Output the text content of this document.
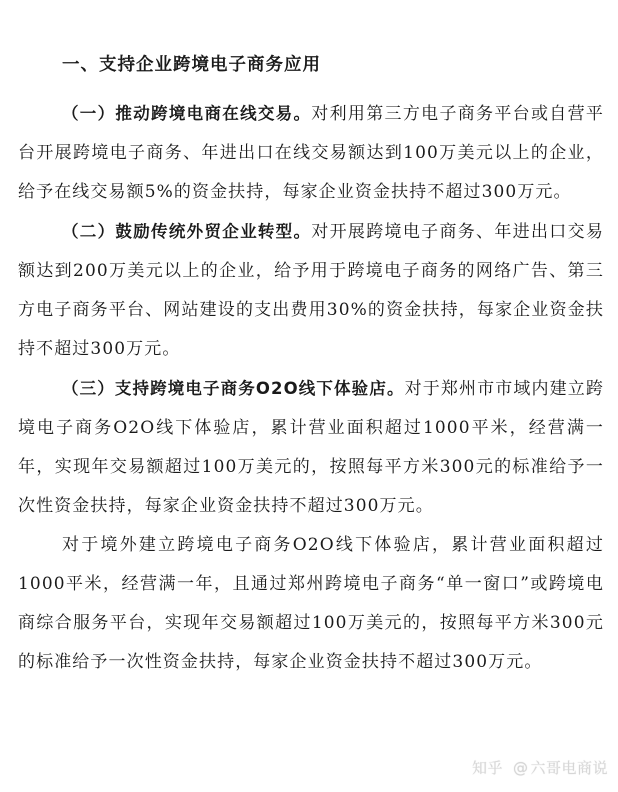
一、支持企业跨境电子商务应用

（一）推动跨境电商在线交易。对利用第三方电子商务平台或自营平台开展跨境电子商务、年进出口在线交易额达到100万美元以上的企业，给予在线交易额5%的资金扶持，每家企业资金扶持不超过300万元。

（二）鼓励传统外贸企业转型。对开展跨境电子商务、年进出口交易额达到200万美元以上的企业，给予用于跨境电子商务的网络广告、第三方电子商务平台、网站建设的支出费用30%的资金扶持，每家企业资金扶持不超过300万元。

（三）支持跨境电子商务O2O线下体验店。对于郑州市市域内建立跨境电子商务O2O线下体验店，累计营业面积超过1000平米，经营满一年，实现年交易额超过100万美元的，按照每平方米300元的标准给予一次性资金扶持，每家企业资金扶持不超过300万元。

对于境外建立跨境电子商务O2O线下体验店，累计营业面积超过1000平米，经营满一年，且通过郑州跨境电子商务“单一窗口”或跨境电商综合服务平台，实现年交易额超过100万美元的，按照每平方米300元的标准给予一次性资金扶持，每家企业资金扶持不超过300万元。

知乎 @ 六哥电商说
